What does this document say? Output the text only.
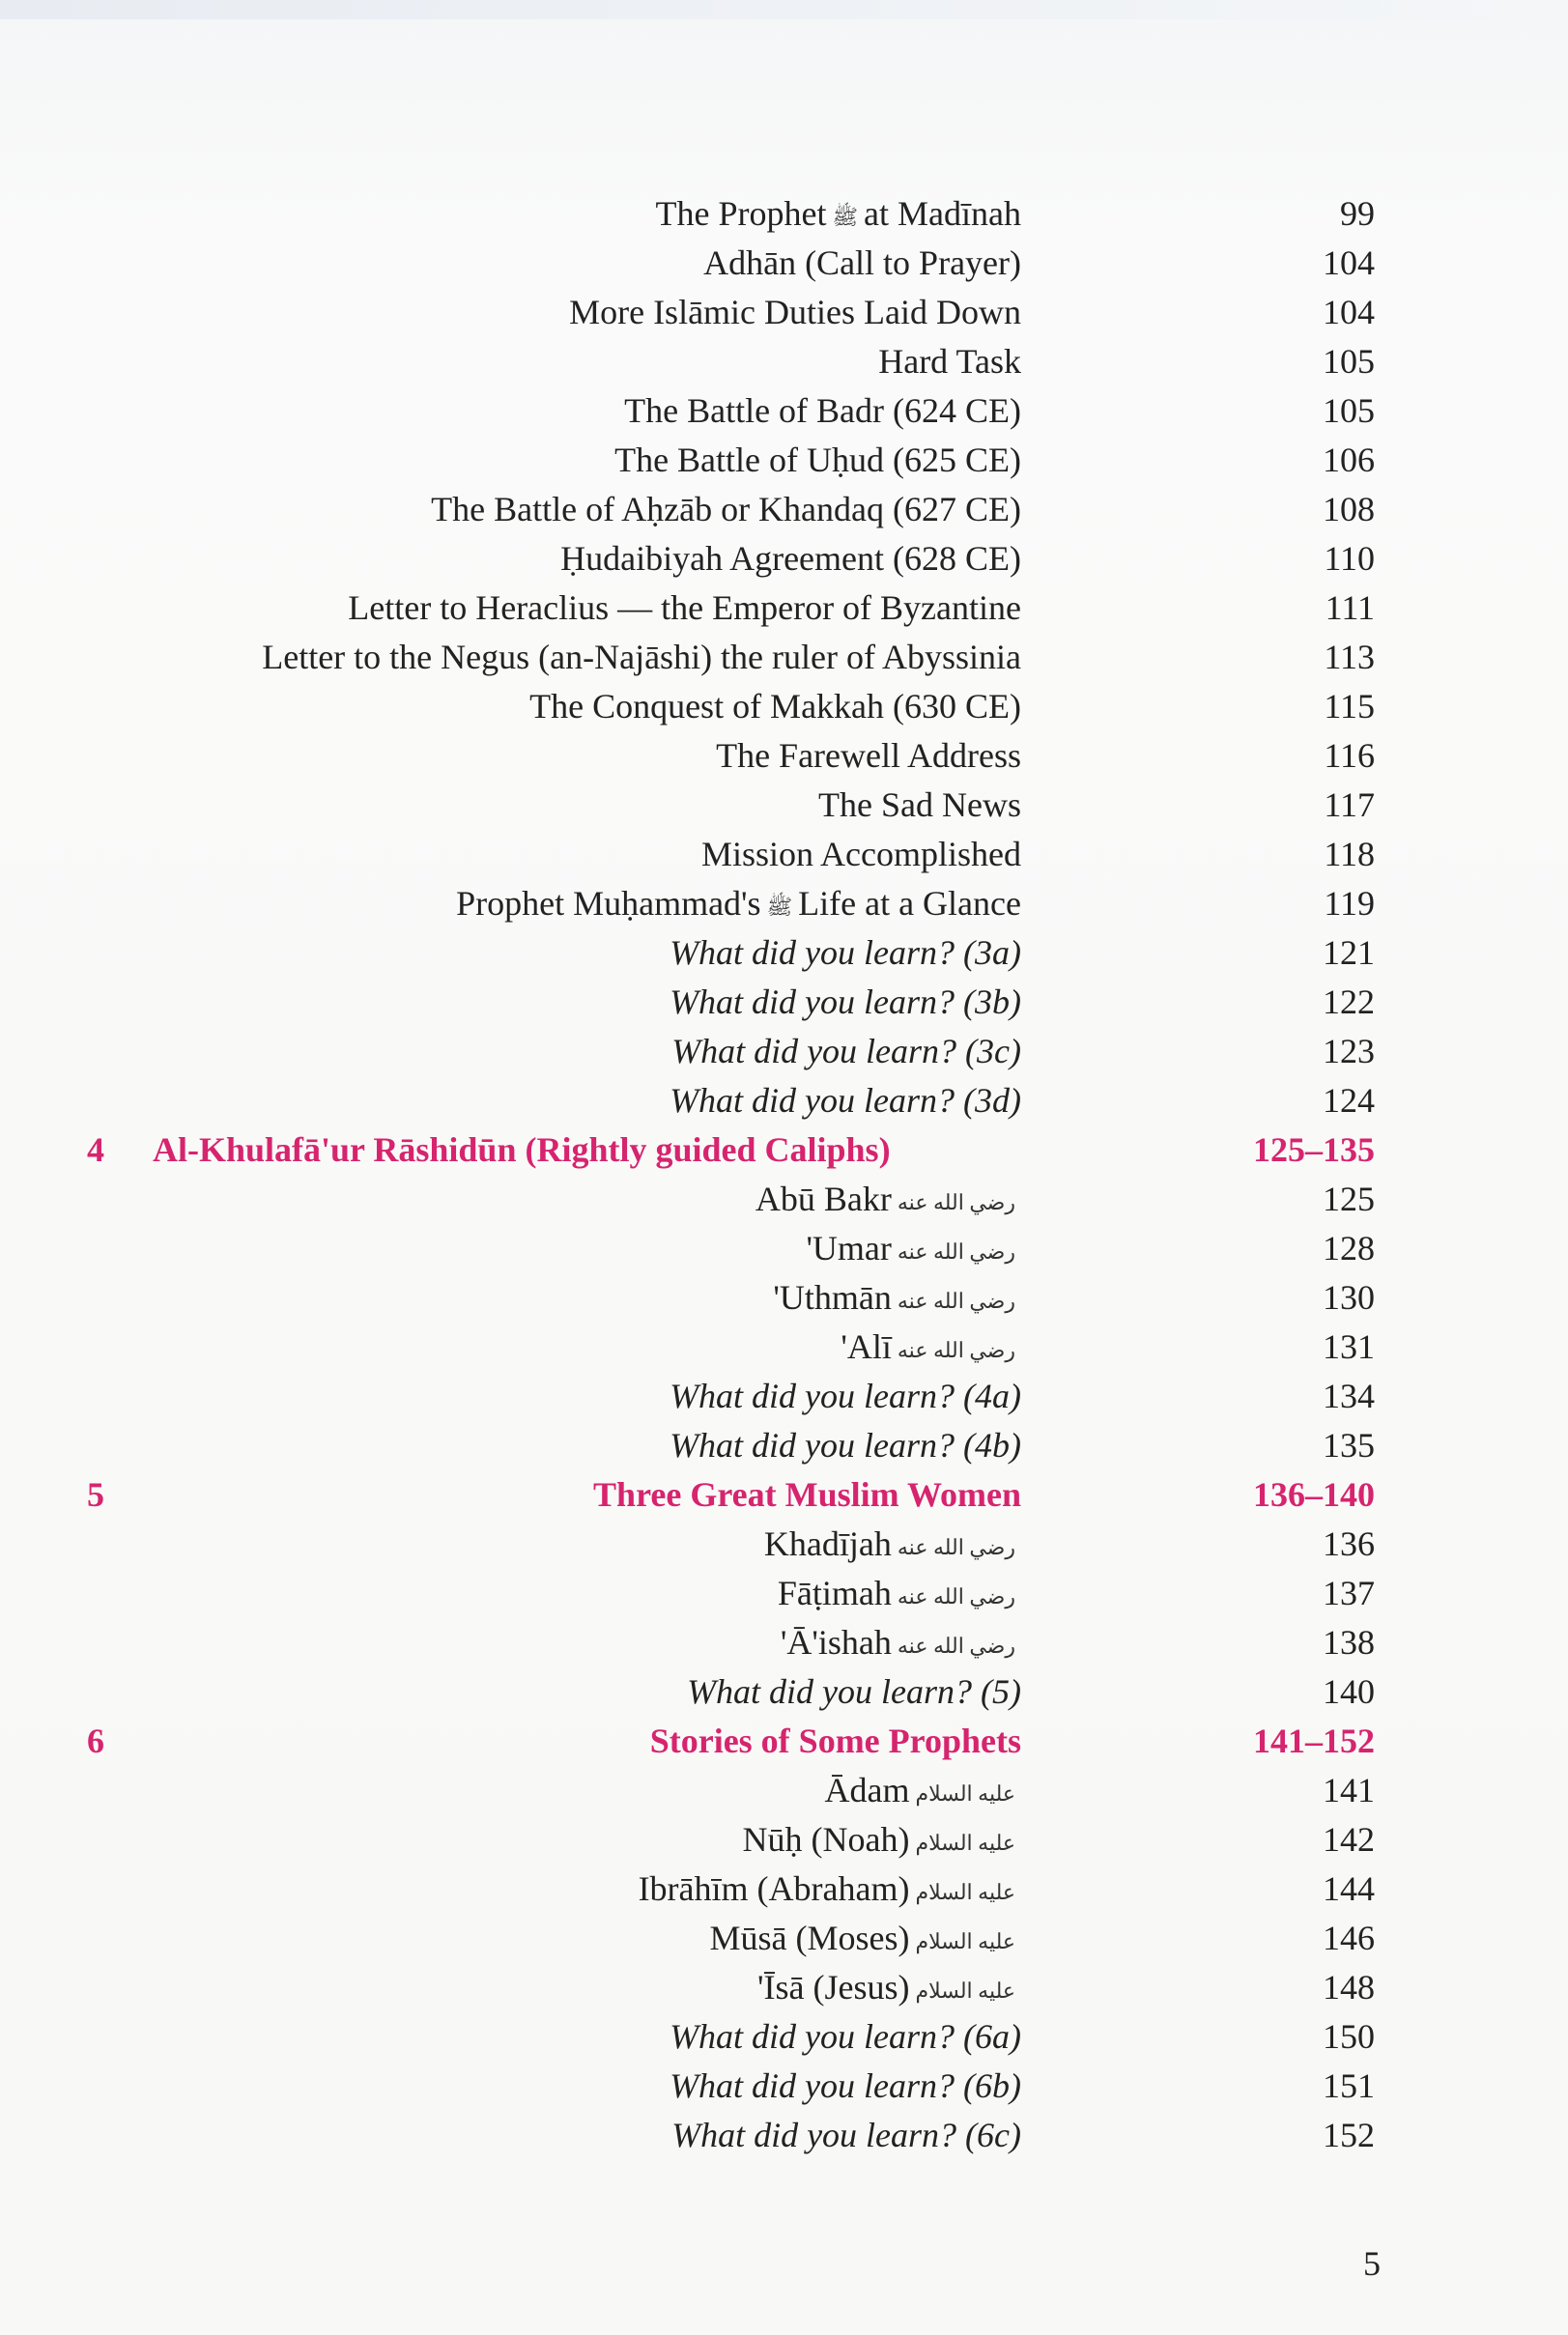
The Prophet ﷺ at Madīnah	99
Adhān (Call to Prayer)	104
More Islāmic Duties Laid Down	104
Hard Task	105
The Battle of Badr (624 CE)	105
The Battle of Uḥud (625 CE)	106
The Battle of Aḥzāb or Khandaq (627 CE)	108
Ḥudaibiyah Agreement (628 CE)	110
Letter to Heraclius — the Emperor of Byzantine	111
Letter to the Negus (an-Najāshi) the ruler of Abyssinia	113
The Conquest of Makkah (630 CE)	115
The Farewell Address	116
The Sad News	117
Mission Accomplished	118
Prophet Muḥammad's ﷺ Life at a Glance	119
What did you learn? (3a)	121
What did you learn? (3b)	122
What did you learn? (3c)	123
What did you learn? (3d)	124
4	Al-Khulafā'ur Rāshidūn (Rightly guided Caliphs)	125–135
Abū Bakr رضي الله عنه	125
'Umar رضي الله عنه	128
'Uthmān رضي الله عنه	130
'Alī رضي الله عنه	131
What did you learn? (4a)	134
What did you learn? (4b)	135
5	Three Great Muslim Women	136–140
Khadījah رضي الله عنه	136
Fāṭimah رضي الله عنه	137
'Ā'ishah رضي الله عنه	138
What did you learn? (5)	140
6	Stories of Some Prophets	141–152
Ādam عليه السلام	141
Nūḥ (Noah) عليه السلام	142
Ibrāhīm (Abraham) عليه السلام	144
Mūsā (Moses) عليه السلام	146
'Īsā (Jesus) عليه السلام	148
What did you learn? (6a)	150
What did you learn? (6b)	151
What did you learn? (6c)	152
5
